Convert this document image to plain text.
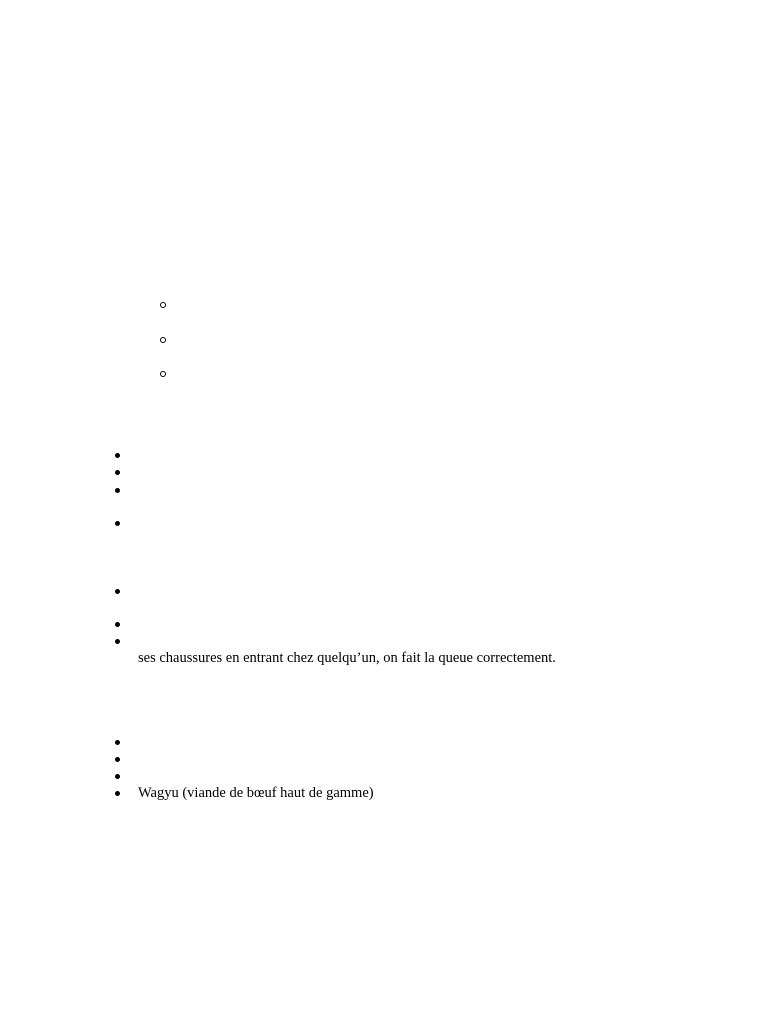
ses chaussures en entrant chez quelqu’un, on fait la queue correctement.
Wagyu (viande de bœuf haut de gamme)
